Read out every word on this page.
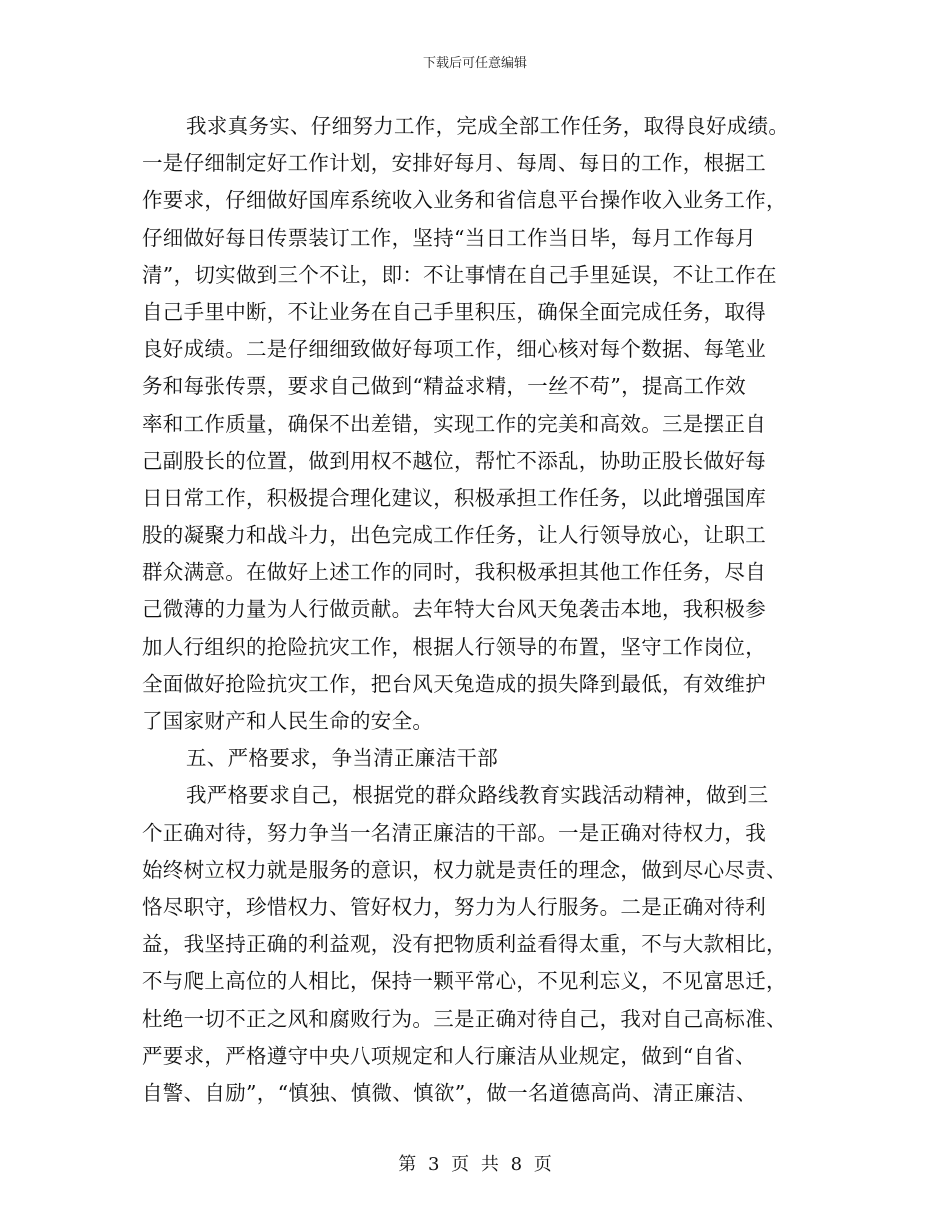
下载后可任意编辑
我求真务实、仔细努力工作，完成全部工作任务，取得良好成绩。
一是仔细制定好工作计划，安排好每月、每周、每日的工作，根据工
作要求，仔细做好国库系统收入业务和省信息平台操作收入业务工作，
仔细做好每日传票装订工作，坚持“当日工作当日毕，每月工作每月
清”，切实做到三个不让，即：不让事情在自己手里延误，不让工作在
自己手里中断，不让业务在自己手里积压，确保全面完成任务，取得
良好成绩。二是仔细细致做好每项工作，细心核对每个数据、每笔业
务和每张传票，要求自己做到“精益求精，一丝不苟”，提高工作效
率和工作质量，确保不出差错，实现工作的完美和高效。三是摆正自
己副股长的位置，做到用权不越位，帮忙不添乱，协助正股长做好每
日日常工作，积极提合理化建议，积极承担工作任务，以此增强国库
股的凝聚力和战斗力，出色完成工作任务，让人行领导放心，让职工
群众满意。在做好上述工作的同时，我积极承担其他工作任务，尽自
己微薄的力量为人行做贡献。去年特大台风天兔袭击本地，我积极参
加人行组织的抢险抗灾工作，根据人行领导的布置，坚守工作岗位，
全面做好抢险抗灾工作，把台风天兔造成的损失降到最低，有效维护
了国家财产和人民生命的安全。
五、严格要求，争当清正廉洁干部
我严格要求自己，根据党的群众路线教育实践活动精神，做到三
个正确对待，努力争当一名清正廉洁的干部。一是正确对待权力，我
始终树立权力就是服务的意识，权力就是责任的理念，做到尽心尽责、
恪尽职守，珍惜权力、管好权力，努力为人行服务。二是正确对待利
益，我坚持正确的利益观，没有把物质利益看得太重，不与大款相比，
不与爬上高位的人相比，保持一颗平常心，不见利忘义，不见富思迁，
杜绝一切不正之风和腐败行为。三是正确对待自己，我对自己高标准、
严要求，严格遵守中央八项规定和人行廉洁从业规定，做到“自省、
自警、自励”，“慎独、慎微、慎欲”，做一名道德高尚、清正廉洁、
第 3 页 共 8 页
